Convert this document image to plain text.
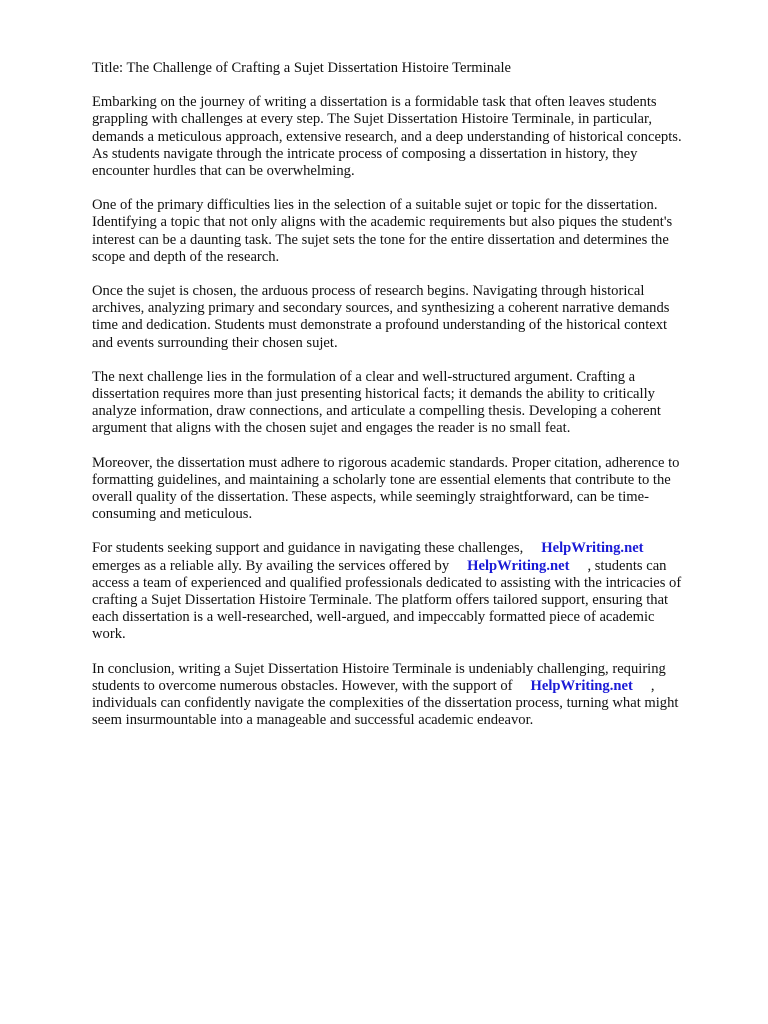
Title: The Challenge of Crafting a Sujet Dissertation Histoire Terminale
Embarking on the journey of writing a dissertation is a formidable task that often leaves students
grappling with challenges at every step. The Sujet Dissertation Histoire Terminale, in particular,
demands a meticulous approach, extensive research, and a deep understanding of historical concepts.
As students navigate through the intricate process of composing a dissertation in history, they
encounter hurdles that can be overwhelming.
One of the primary difficulties lies in the selection of a suitable sujet or topic for the dissertation.
Identifying a topic that not only aligns with the academic requirements but also piques the student's
interest can be a daunting task. The sujet sets the tone for the entire dissertation and determines the
scope and depth of the research.
Once the sujet is chosen, the arduous process of research begins. Navigating through historical
archives, analyzing primary and secondary sources, and synthesizing a coherent narrative demands
time and dedication. Students must demonstrate a profound understanding of the historical context
and events surrounding their chosen sujet.
The next challenge lies in the formulation of a clear and well-structured argument. Crafting a
dissertation requires more than just presenting historical facts; it demands the ability to critically
analyze information, draw connections, and articulate a compelling thesis. Developing a coherent
argument that aligns with the chosen sujet and engages the reader is no small feat.
Moreover, the dissertation must adhere to rigorous academic standards. Proper citation, adherence to
formatting guidelines, and maintaining a scholarly tone are essential elements that contribute to the
overall quality of the dissertation. These aspects, while seemingly straightforward, can be time-
consuming and meticulous.
For students seeking support and guidance in navigating these challenges, HelpWriting.net
emerges as a reliable ally. By availing the services offered by HelpWriting.net , students can
access a team of experienced and qualified professionals dedicated to assisting with the intricacies of
crafting a Sujet Dissertation Histoire Terminale. The platform offers tailored support, ensuring that
each dissertation is a well-researched, well-argued, and impeccably formatted piece of academic
work.
In conclusion, writing a Sujet Dissertation Histoire Terminale is undeniably challenging, requiring
students to overcome numerous obstacles. However, with the support of HelpWriting.net ,
individuals can confidently navigate the complexities of the dissertation process, turning what might
seem insurmountable into a manageable and successful academic endeavor.
